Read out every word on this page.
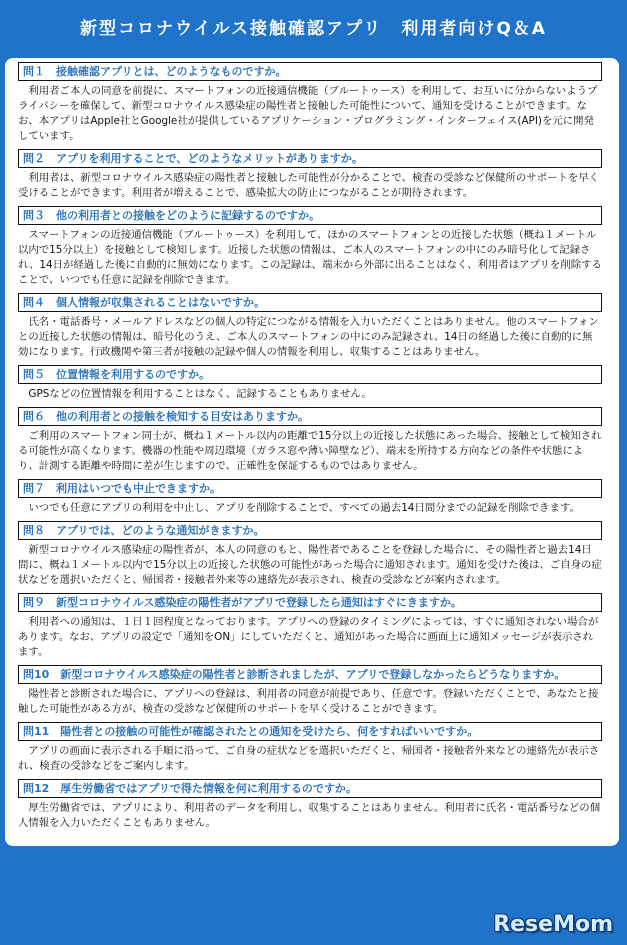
新型コロナウイルス接触確認アプリ　利用者向けQ＆A
問１　接触確認アプリとは、どのようなものですか。
　利用者ご本人の同意を前提に、スマートフォンの近接通信機能（ブルートゥース）を利用して、お互いに分からないようプライバシーを確保して、新型コロナウイルス感染症の陽性者と接触した可能性について、通知を受けることができます。なお、本アプリはApple社とGoogle社が提供しているアプリケーション・プログラミング・インターフェイス(API)を元に開発しています。
問２　アプリを利用することで、どのようなメリットがありますか。
　利用者は、新型コロナウイルス感染症の陽性者と接触した可能性が分かることで、検査の受診など保健所のサポートを早く受けることができます。利用者が増えることで、感染拡大の防止につながることが期待されます。
問３　他の利用者との接触をどのように記録するのですか。
　スマートフォンの近接通信機能（ブルートゥース）を利用して、ほかのスマートフォンとの近接した状態（概ね１メートル以内で15分以上）を接触として検知します。近接した状態の情報は、ご本人のスマートフォンの中にのみ暗号化して記録され、14日が経過した後に自動的に無効になります。この記録は、端末から外部に出ることはなく、利用者はアプリを削除することで、いつでも任意に記録を削除できます。
問４　個人情報が収集されることはないですか。
　氏名・電話番号・メールアドレスなどの個人の特定につながる情報を入力いただくことはありません。他のスマートフォンとの近接した状態の情報は、暗号化のうえ、ご本人のスマートフォンの中にのみ記録され、14日の経過した後に自動的に無効になります。行政機関や第三者が接触の記録や個人の情報を利用し、収集することはありません。
問５　位置情報を利用するのですか。
　GPSなどの位置情報を利用することはなく、記録することもありません。
問６　他の利用者との接触を検知する目安はありますか。
　ご利用のスマートフォン同士が、概ね１メートル以内の距離で15分以上の近接した状態にあった場合、接触として検知される可能性が高くなります。機器の性能や周辺環境（ガラス窓や薄い障壁など）、端末を所持する方向などの条件や状態により、計測する距離や時間に差が生じますので、正確性を保証するものではありません。
問７　利用はいつでも中止できますか。
　いつでも任意にアプリの利用を中止し、アプリを削除することで、すべての過去14日間分までの記録を削除できます。
問８　アプリでは、どのような通知がきますか。
　新型コロナウイルス感染症の陽性者が、本人の同意のもと、陽性者であることを登録した場合に、その陽性者と過去14日間に、概ね１メートル以内で15分以上の近接した状態の可能性があった場合に通知されます。通知を受けた後は、ご自身の症状などを選択いただくと、帰国者・接触者外来等の連絡先が表示され、検査の受診などが案内されます。
問９　新型コロナウイルス感染症の陽性者がアプリで登録したら通知はすぐにきますか。
　利用者への通知は、１日１回程度となっております。アプリへの登録のタイミングによっては、すぐに通知されない場合があります。なお、アプリの設定で「通知をON」にしていただくと、通知があった場合に画面上に通知メッセージが表示されます。
問10　新型コロナウイルス感染症の陽性者と診断されましたが、アプリで登録しなかったらどうなりますか。
　陽性者と診断された場合に、アプリへの登録は、利用者の同意が前提であり、任意です。登録いただくことで、あなたと接触した可能性がある方が、検査の受診など保健所のサポートを早く受けることができます。
問11　陽性者との接触の可能性が確認されたとの通知を受けたら、何をすればいいですか。
　アプリの画面に表示される手順に沿って、ご自身の症状などを選択いただくと、帰国者・接触者外来などの連絡先が表示され、検査の受診などをご案内します。
問12　厚生労働省ではアプリで得た情報を何に利用するのですか。
　厚生労働省では、アプリにより、利用者のデータを利用し、収集することはありません。利用者に氏名・電話番号などの個人情報を入力いただくこともありません。
ReseMom
